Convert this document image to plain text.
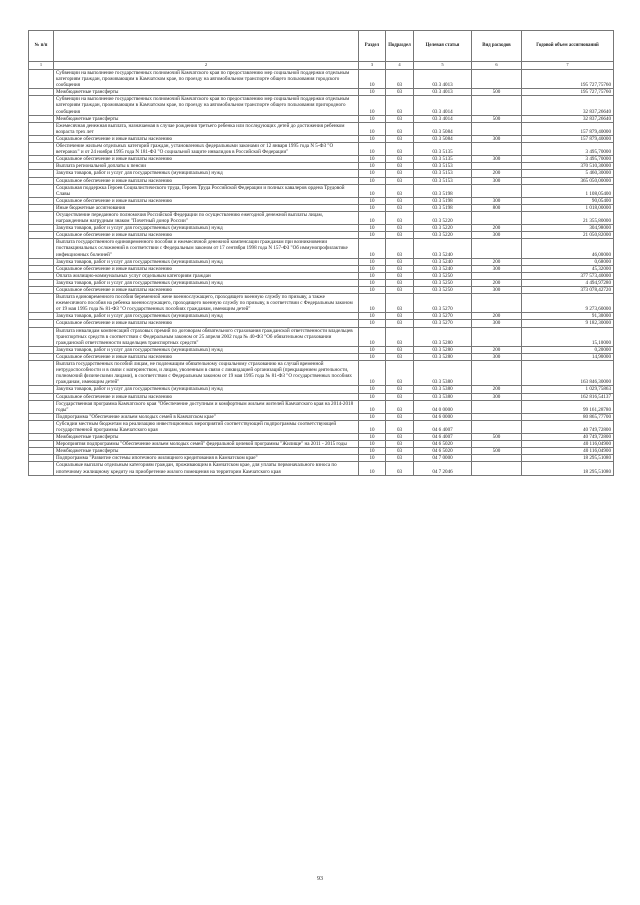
№ п/п		Раздел	Подраздел	Целевая статья	Вид расходов	Годовой объем ассигнований
1	2	3	4	5	6	7
	Субвенции на выполнение государственных полномочий Камчатского края по предоставлению мер социальной поддержки отдельным категориям граждан, проживающим в Камчатском крае, по проезду на автомобильном транспорте общего пользования городского сообщения	10	03	03 3 4013		195 727,75760
	Межбюджетные трансферты	10	03	03 3 4013	500	195 727,75760
	Субвенции на выполнение государственных полномочий Камчатского края по предоставлению мер социальной поддержки отдельным категориям граждан, проживающим в Камчатском крае, по проезду на автомобильном транспорте общего пользования пригородного сообщения	10	03	03 3 4014		32 837,26640
	Межбюджетные трансферты	10	03	03 3 4014	500	32 837,26640
	Ежемесячная денежная выплата, назначаемая в случае рождения третьего ребенка или последующих детей до достижения ребенком возраста трех лет	10	03	03 3 5084		157 879,40000
	Социальное обеспечение и иные выплаты населению	10	03	03 3 5084	300	157 879,40000
	Обеспечение жильем отдельных категорий граждан, установленных федеральными законами от 12 января 1995 года N 5-ФЗ "О ветеранах" и от 24 ноября 1995 года N 181-ФЗ "О социальной защите инвалидов в Российской Федерации"	10	03	03 3 5135		3 495,70000
	Социальное обеспечение и иные выплаты населению	10	03	03 3 5135	300	3 495,70000
	Выплата региональной доплаты к пенсии	10	03	03 3 5153		370 510,30000
	Закупка товаров, работ и услуг для государственных (муниципальных) нужд	10	03	03 3 5153	200	5 460,30000
	Социальное обеспечение и иные выплаты населению	10	03	03 3 5153	300	365 050,00000
	Социальная поддержка Героев Социалистического труда, Героев Труда Российской Федерации и полных кавалеров ордена Трудовой Славы	10	03	03 3 5198		1 108,05400
	Социальное обеспечение и иные выплаты населению	10	03	03 3 5198	300	90,05400
	Иные бюджетные ассигнования	10	03	03 3 5198	800	1 018,00000
	Осуществление переданного полномочия Российской Федерации по осуществлению ежегодной денежной выплаты лицам, награжденным нагрудным знаком "Почетный донор России"	10	03	03 3 5220		21 355,80000
	Закупка товаров, работ и услуг для государственных (муниципальных) нужд	10	03	03 3 5220	200	304,98000
	Социальное обеспечение и иные выплаты населению	10	03	03 3 5220	300	21 050,82000
	Выплата государственного единовременного пособия и ежемесячной денежной компенсации гражданам при возникновении поствакцинальных осложнений в соответствии с Федеральным законом от 17 сентября 1998 года N 157-ФЗ "Об иммунопрофилактике инфекционных болезней"	10	03	03 3 5240		46,00000
	Закупка товаров, работ и услуг для государственных (муниципальных) нужд	10	03	03 3 5240	200	0,68000
	Социальное обеспечение и иные выплаты населению	10	03	03 3 5240	300	45,32000
	Оплата жилищно-коммунальных услуг отдельным категориям граждан	10	03	03 3 5250		377 573,40000
	Закупка товаров, работ и услуг для государственных (муниципальных) нужд	10	03	03 3 5250	200	4 494,97280
	Социальное обеспечение и иные выплаты населению	10	03	03 3 5250	300	373 078,42720
	Выплата единовременного пособия беременной жене военнослужащего, проходящего военную службу по призыву, а также ежемесячного пособия на ребенка военнослужащего, проходящего военную службу по призыву, в соответствии с Федеральным законом от 19 мая 1995 года № 81-ФЗ "О государственных пособиях гражданам, имеющим детей"	10	03	03 3 5270		9 273,60000
	Закупка товаров, работ и услуг для государственных (муниципальных) нужд	10	03	03 3 5270	200	91,30000
	Социальное обеспечение и иные выплаты населению	10	03	03 3 5270	300	9 182,30000
	Выплата инвалидам компенсаций страховых премий по договорам обязательного страхования гражданской ответственности владельцев транспортных средств в соответствии с Федеральным законом от 25 апреля 2002 года № 40-ФЗ "Об обязательном страховании гражданской ответственности владельцев транспортных средств"	10	03	03 3 5280		15,10000
	Закупка товаров, работ и услуг для государственных (муниципальных) нужд	10	03	03 3 5280	200	0,20000
	Социальное обеспечение и иные выплаты населению	10	03	03 3 5280	300	14,90000
	Выплата государственных пособий лицам, не подлежащим обязательному социальному страхованию на случай временной нетрудоспособности и в связи с материнством, и лицам, уволенным в связи с ликвидацией организаций (прекращением деятельности, полномочий физическими лицами), в соответствии с Федеральным законом от 19 мая 1995 года № 81-ФЗ "О государственных пособиях гражданам, имеющим детей"	10	03	03 3 5380		163 846,30000
	Закупка товаров, работ и услуг для государственных (муниципальных) нужд	10	03	03 3 5380	200	1 029,75863
	Социальное обеспечение и иные выплаты населению	10	03	03 3 5380	300	162 816,54137
	Государственная программа Камчатского края "Обеспечение доступным и комфортным жильем жителей Камчатского края на 2014-2018 годы"	10	03	04 0 0000		99 161,28780
	Подпрограмма "Обеспечение жильем молодых семей в Камчатском крае"	10	03	04 6 0000		80 865,77700
	Субсидии местным бюджетам на реализацию инвестиционных мероприятий соответствующей подпрограммы соответствующей государственной программы Камчатского края	10	03	04 6 4007		40 749,72800
	Межбюджетные трансферты	10	03	04 6 4007	500	40 749,72800
	Мероприятия подпрограммы "Обеспечение жильем молодых семей" федеральной целевой программы "Жилище" на 2011 - 2015 годы	10	03	04 6 5020		40 116,04900
	Межбюджетные трансферты	10	03	04 6 5020	500	40 116,04900
	Подпрограмма "Развитие системы ипотечного жилищного кредитования в Камчатском крае"	10	03	04 7 0000		18 295,51080
	Социальные выплаты отдельным категориям граждан, проживающим в Камчатском крае, для уплаты первоначального взноса по ипотечному жилищному кредиту на приобретение жилого помещения на территории Камчатского края	10	03	04 7 2046		18 295,51080
93
